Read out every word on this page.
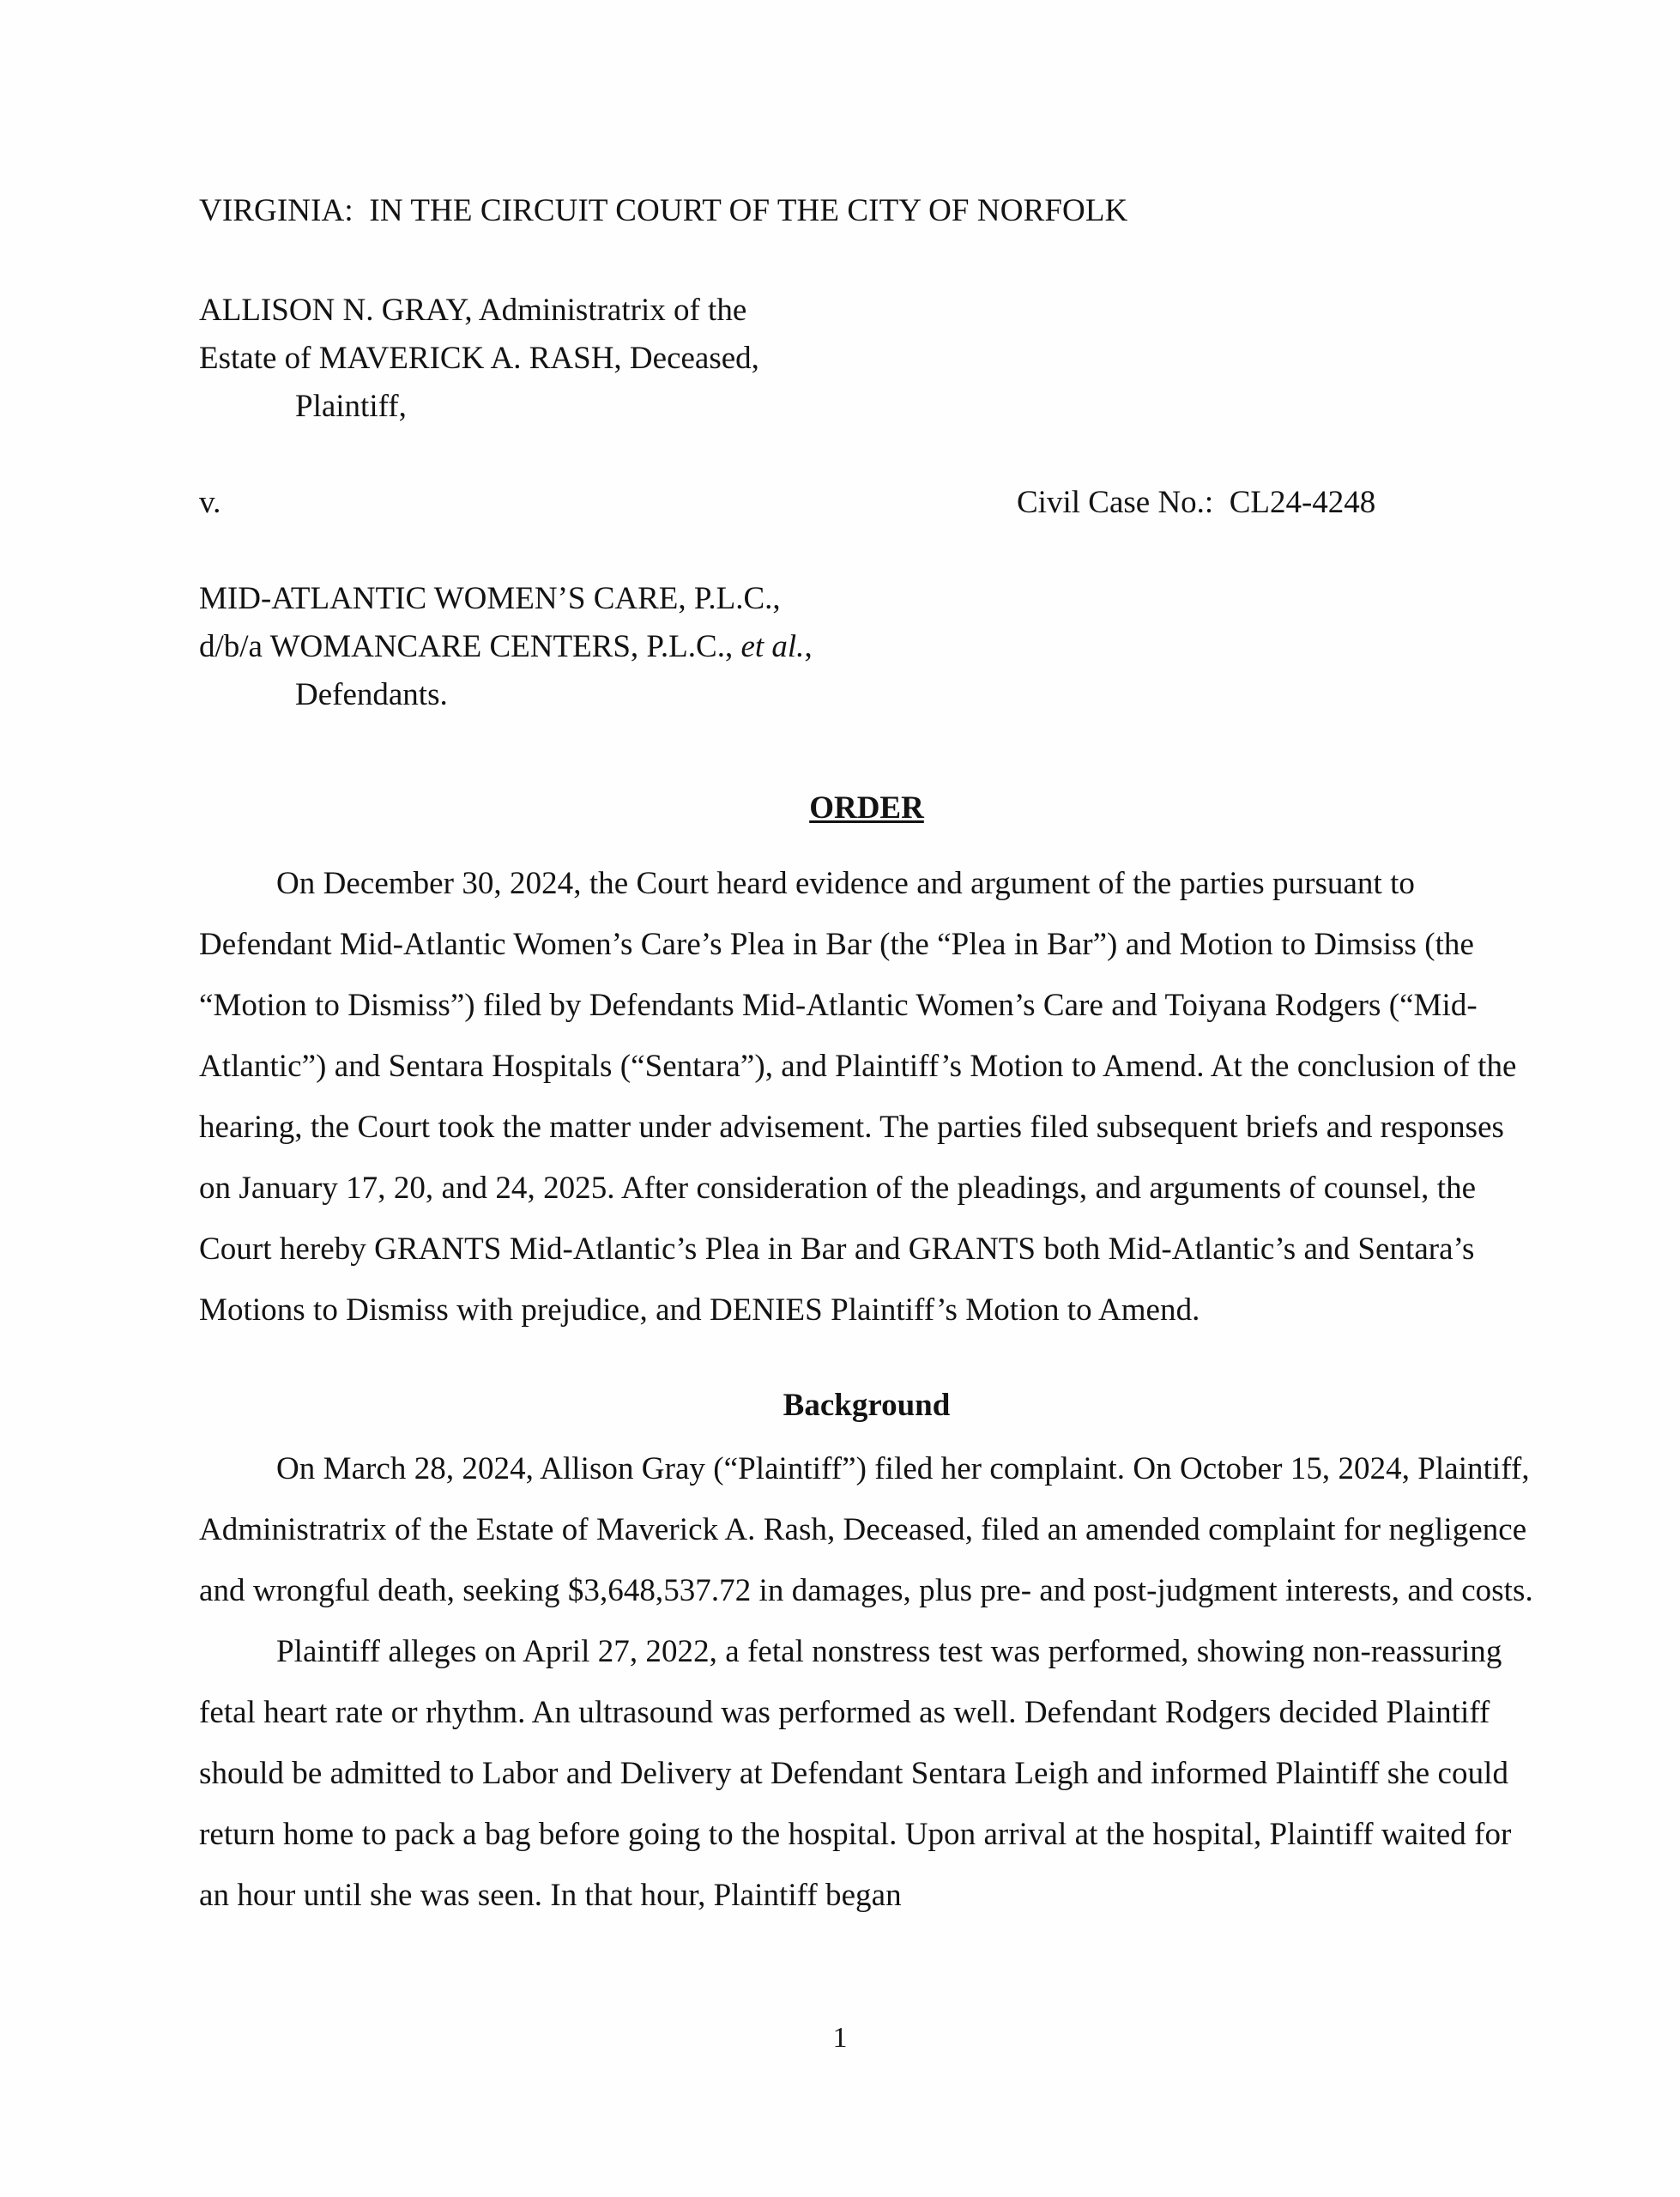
VIRGINIA:  IN THE CIRCUIT COURT OF THE CITY OF NORFOLK
ALLISON N. GRAY, Administratrix of the
Estate of MAVERICK A. RASH, Deceased,
Plaintiff,
v.	Civil Case No.:  CL24-4248
MID-ATLANTIC WOMEN’S CARE, P.L.C.,
d/b/a WOMANCARE CENTERS, P.L.C., et al.,
Defendants.
ORDER

On December 30, 2024, the Court heard evidence and argument of the parties pursuant to Defendant Mid-Atlantic Women’s Care’s Plea in Bar (the “Plea in Bar”) and Motion to Dimsiss (the “Motion to Dismiss”) filed by Defendants Mid-Atlantic Women’s Care and Toiyana Rodgers (“Mid-Atlantic”) and Sentara Hospitals (“Sentara”), and Plaintiff’s Motion to Amend. At the conclusion of the hearing, the Court took the matter under advisement. The parties filed subsequent briefs and responses on January 17, 20, and 24, 2025. After consideration of the pleadings, and arguments of counsel, the Court hereby GRANTS Mid-Atlantic’s Plea in Bar and GRANTS both Mid-Atlantic’s and Sentara’s Motions to Dismiss with prejudice, and DENIES Plaintiff’s Motion to Amend.

Background

On March 28, 2024, Allison Gray (“Plaintiff”) filed her complaint. On October 15, 2024, Plaintiff, Administratrix of the Estate of Maverick A. Rash, Deceased, filed an amended complaint for negligence and wrongful death, seeking $3,648,537.72 in damages, plus pre- and post-judgment interests, and costs.

Plaintiff alleges on April 27, 2022, a fetal nonstress test was performed, showing non-reassuring fetal heart rate or rhythm. An ultrasound was performed as well. Defendant Rodgers decided Plaintiff should be admitted to Labor and Delivery at Defendant Sentara Leigh and informed Plaintiff she could return home to pack a bag before going to the hospital. Upon arrival at the hospital, Plaintiff waited for an hour until she was seen. In that hour, Plaintiff began

1
